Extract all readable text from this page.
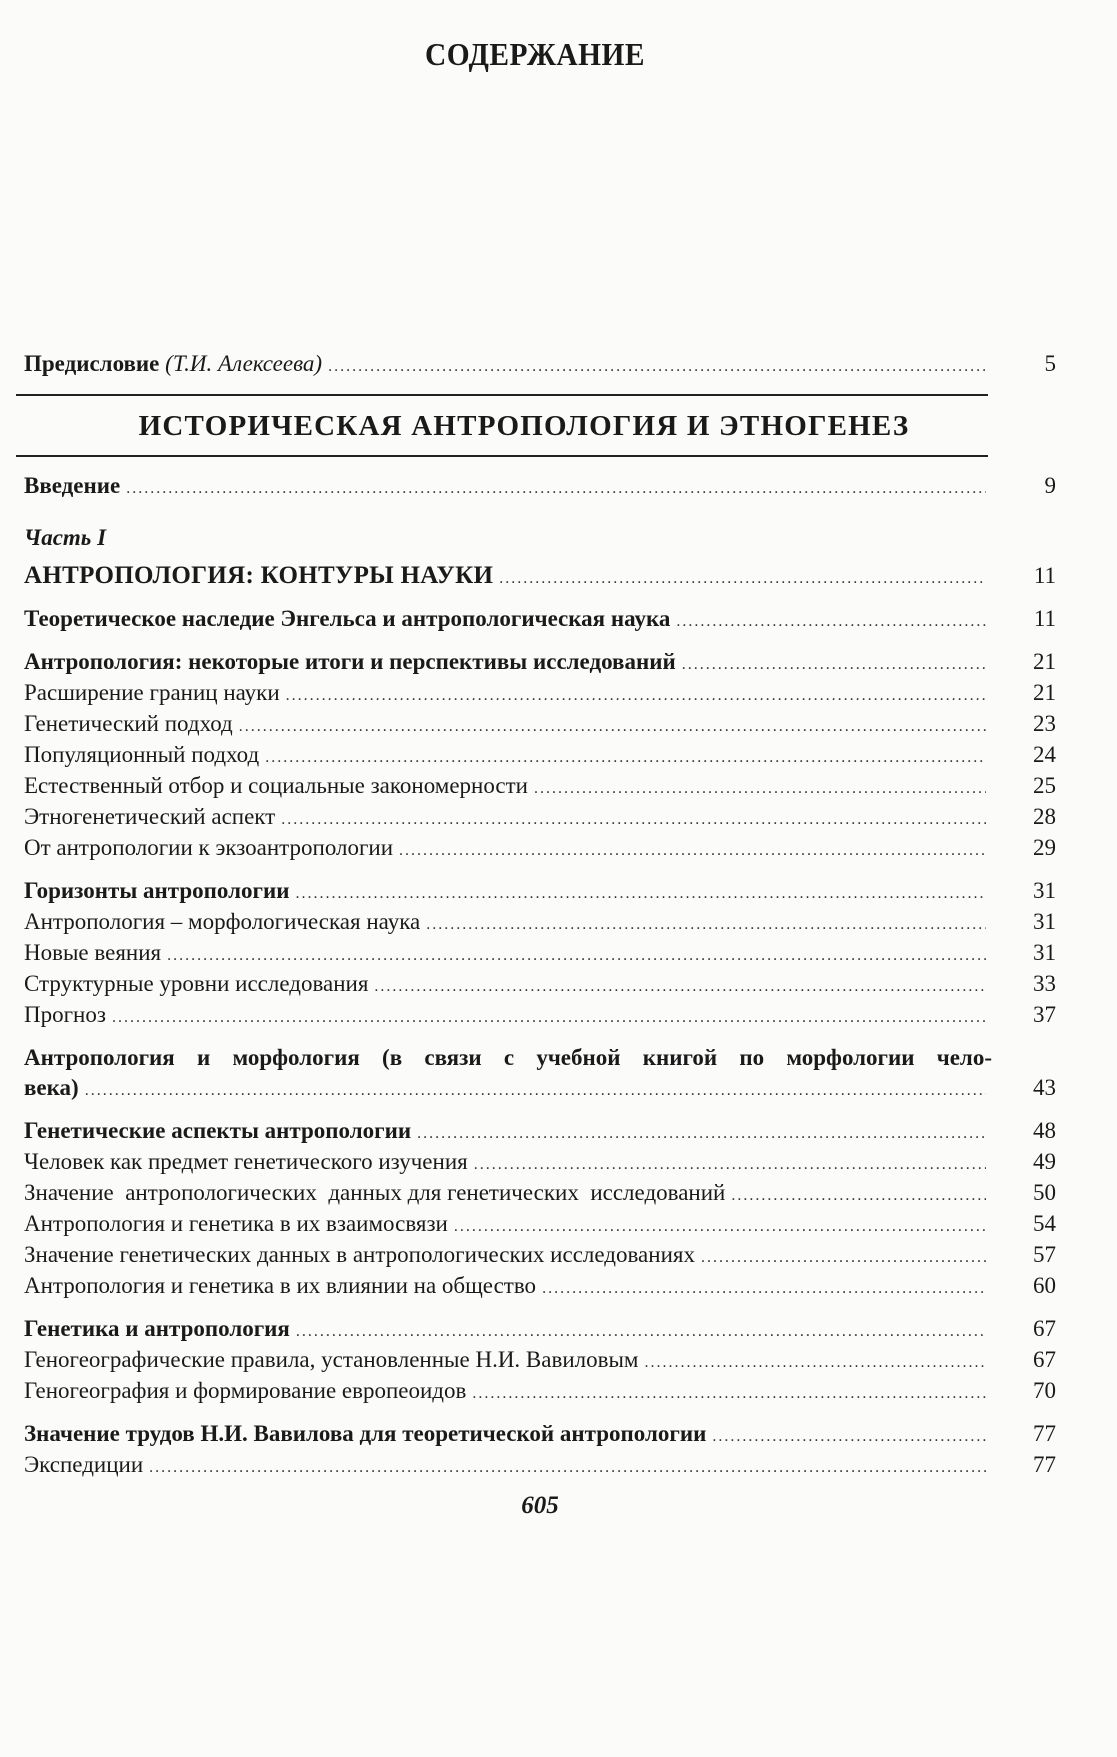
СОДЕРЖАНИЕ
Предисловие (Т.И. Алексеева) .....	5
ИСТОРИЧЕСКАЯ АНТРОПОЛОГИЯ И ЭТНОГЕНЕЗ
Введение .....	9
Часть I
АНТРОПОЛОГИЯ: КОНТУРЫ НАУКИ .....	11
Теоретическое наследие Энгельса и антропологическая наука .....	11
Антропология: некоторые итоги и перспективы исследований .....	21
Расширение границ науки .....	21
Генетический подход .....	23
Популяционный подход .....	24
Естественный отбор и социальные закономерности .....	25
Этногенетический аспект .....	28
От антропологии к экзоантропологии .....	29
Горизонты антропологии .....	31
Антропология – морфологическая наука .....	31
Новые веяния .....	31
Структурные уровни исследования .....	33
Прогноз .....	37
Антропология и морфология (в связи с учебной книгой по морфологии чело-
века) .....	43
Генетические аспекты антропологии .....	48
Человек как предмет генетического изучения .....	49
Значение  антропологических  данных для генетических  исследований .....	50
Антропология и генетика в их взаимосвязи .....	54
Значение генетических данных в антропологических исследованиях .....	57
Антропология и генетика в их влиянии на общество .....	60
Генетика и антропология .....	67
Геногеографические правила, установленные Н.И. Вавиловым .....	67
Геногеография и формирование европеоидов .....	70
Значение трудов Н.И. Вавилова для теоретической антропологии .....	77
Экспедиции .....	77
605
